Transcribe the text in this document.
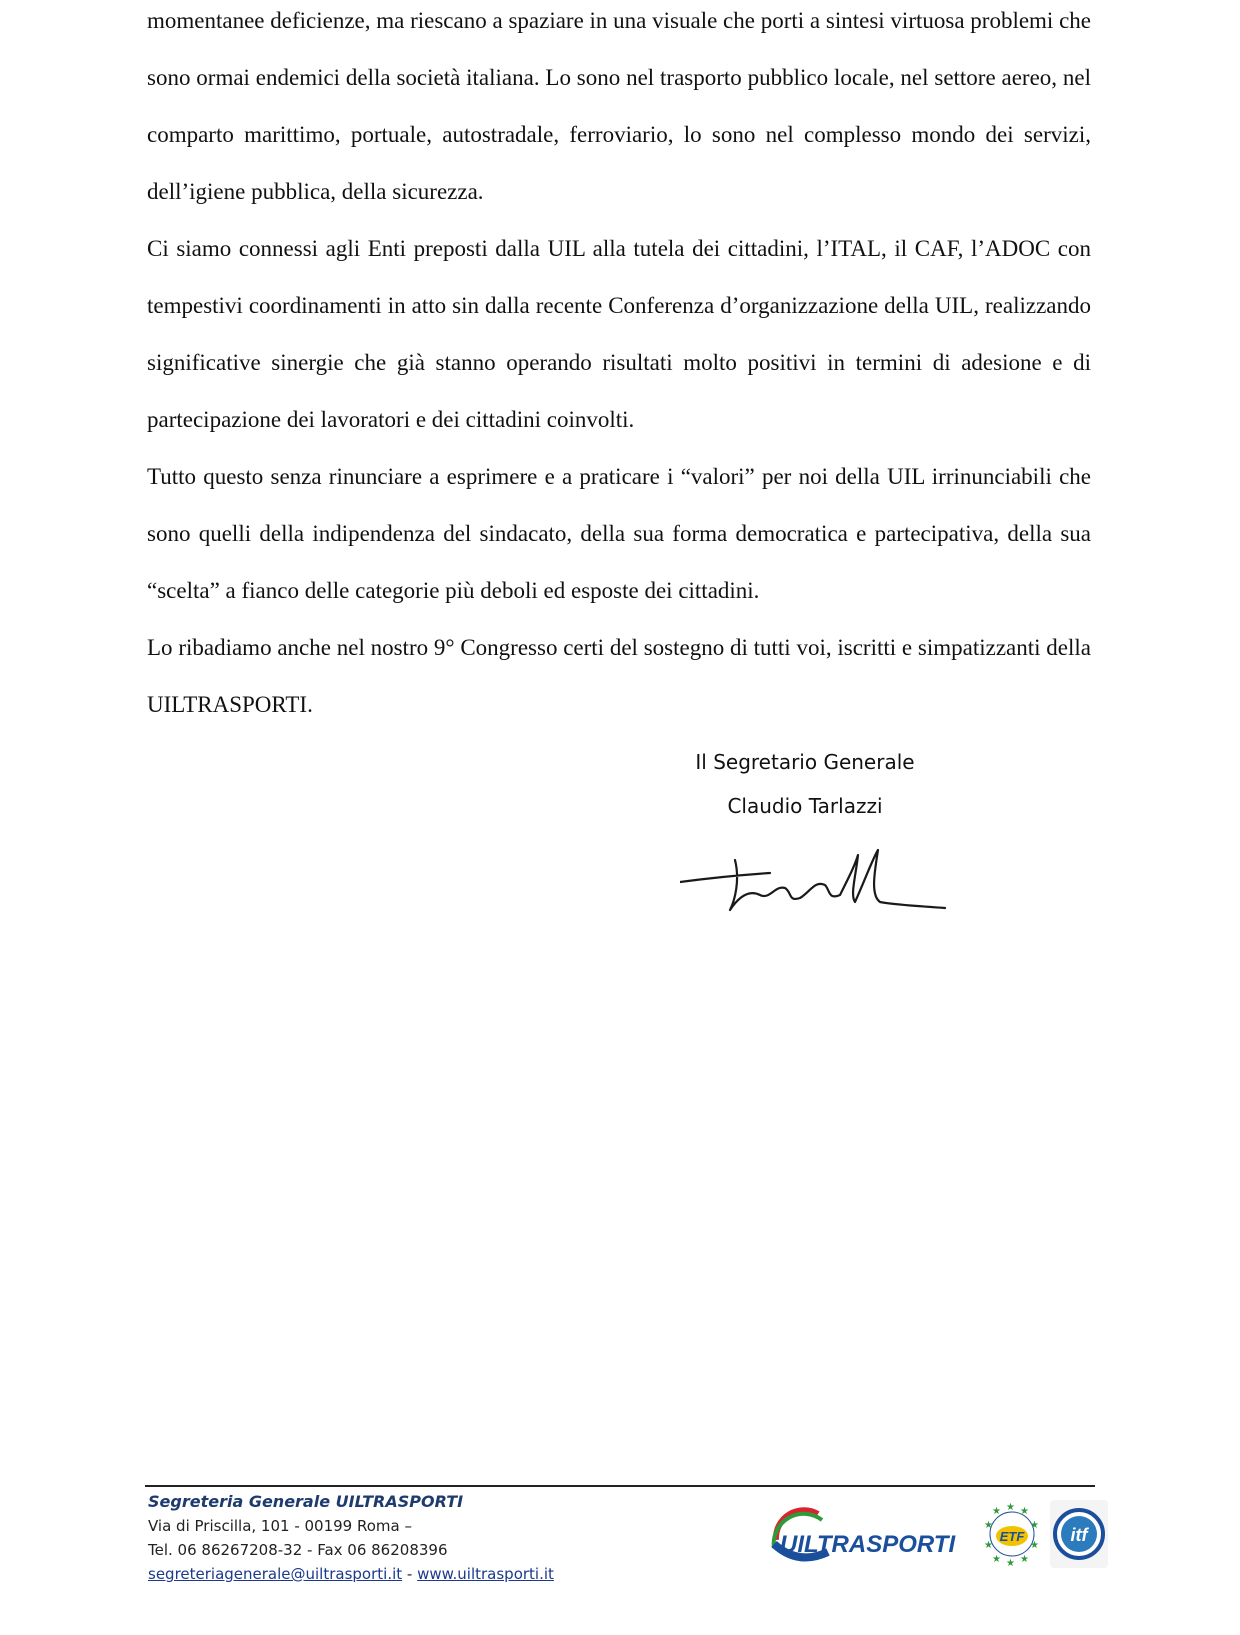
momentanee deficienze, ma riescano a spaziare in una visuale che porti a sintesi virtuosa problemi che sono ormai endemici della società italiana. Lo sono nel trasporto pubblico locale, nel settore aereo, nel comparto marittimo, portuale, autostradale, ferroviario, lo sono nel complesso mondo dei servizi, dell’igiene pubblica, della sicurezza.

Ci siamo connessi agli Enti preposti dalla UIL alla tutela dei cittadini, l’ITAL, il CAF, l’ADOC con tempestivi coordinamenti in atto sin dalla recente Conferenza d’organizzazione della UIL, realizzando significative sinergie che già stanno operando risultati molto positivi in termini di adesione e di partecipazione dei lavoratori e dei cittadini coinvolti.

Tutto questo senza rinunciare a esprimere e a praticare i “valori” per noi della UIL irrinunciabili che sono quelli della indipendenza del sindacato, della sua forma democratica e partecipativa, della sua “scelta” a fianco delle categorie più deboli ed esposte dei cittadini.

Lo ribadiamo anche nel nostro 9° Congresso certi del sostegno di tutti voi, iscritti e simpatizzanti della UILTRASPORTI.

Il Segretario Generale
Claudio Tarlazzi
Segreteria Generale UILTRASPORTI
Via di Priscilla, 101 - 00199 Roma –
Tel. 06 86267208-32 - Fax 06 86208396
segreteriagenerale@uiltrasporti.it - www.uiltrasporti.it
UILTRASPORTI
★ ★ ★
★	★
★	★
★ ★ ★
ETF	itf
